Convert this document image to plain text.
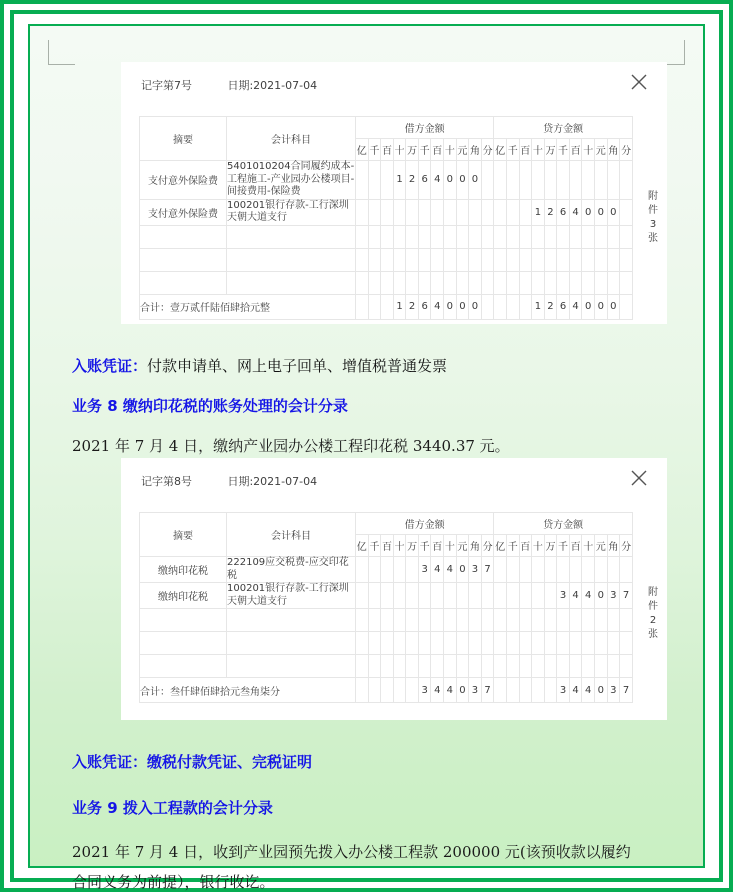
记字第7号	日期:2021-07-04
摘要	会计科目	借方金额											贷方金额										
		亿	千	百	十	万	千	百	十	元	角	分	亿	千	百	十	万	千	百	十	元	角	分
支付意外保险费	5401010204合同履约成本-工程施工-产业园办公楼项目-间接费用-保险费				1	2	6	4	0	0	0												
支付意外保险费	100201银行存款-工行深圳天朝大道支行															1	2	6	4	0	0	0	

合计：壹万贰仟陆佰肆拾元整					1	2	6	4	0	0	0					1	2	6	4	0	0	0	
附
件
3
张

入账凭证：付款申请单、网上电子回单、增值税普通发票

业务 8 缴纳印花税的账务处理的会计分录

2021 年 7 月 4 日，缴纳产业园办公楼工程印花税 3440.37 元。

记字第8号	日期:2021-07-04
摘要	会计科目	借方金额											贷方金额										
		亿	千	百	十	万	千	百	十	元	角	分	亿	千	百	十	万	千	百	十	元	角	分
缴纳印花税	222109应交税费-应交印花税						3	4	4	0	3	7											
缴纳印花税	100201银行存款-工行深圳天朝大道支行																	3	4	4	0	3	7

合计：叁仟肆佰肆拾元叁角柒分							3	4	4	0	3	7						3	4	4	0	3	7
附
件
2
张

入账凭证：缴税付款凭证、完税证明

业务 9 拨入工程款的会计分录

2021 年 7 月 4 日，收到产业园预先拨入办公楼工程款 200000 元(该预收款以履约

合同义务为前提），银行收讫。
